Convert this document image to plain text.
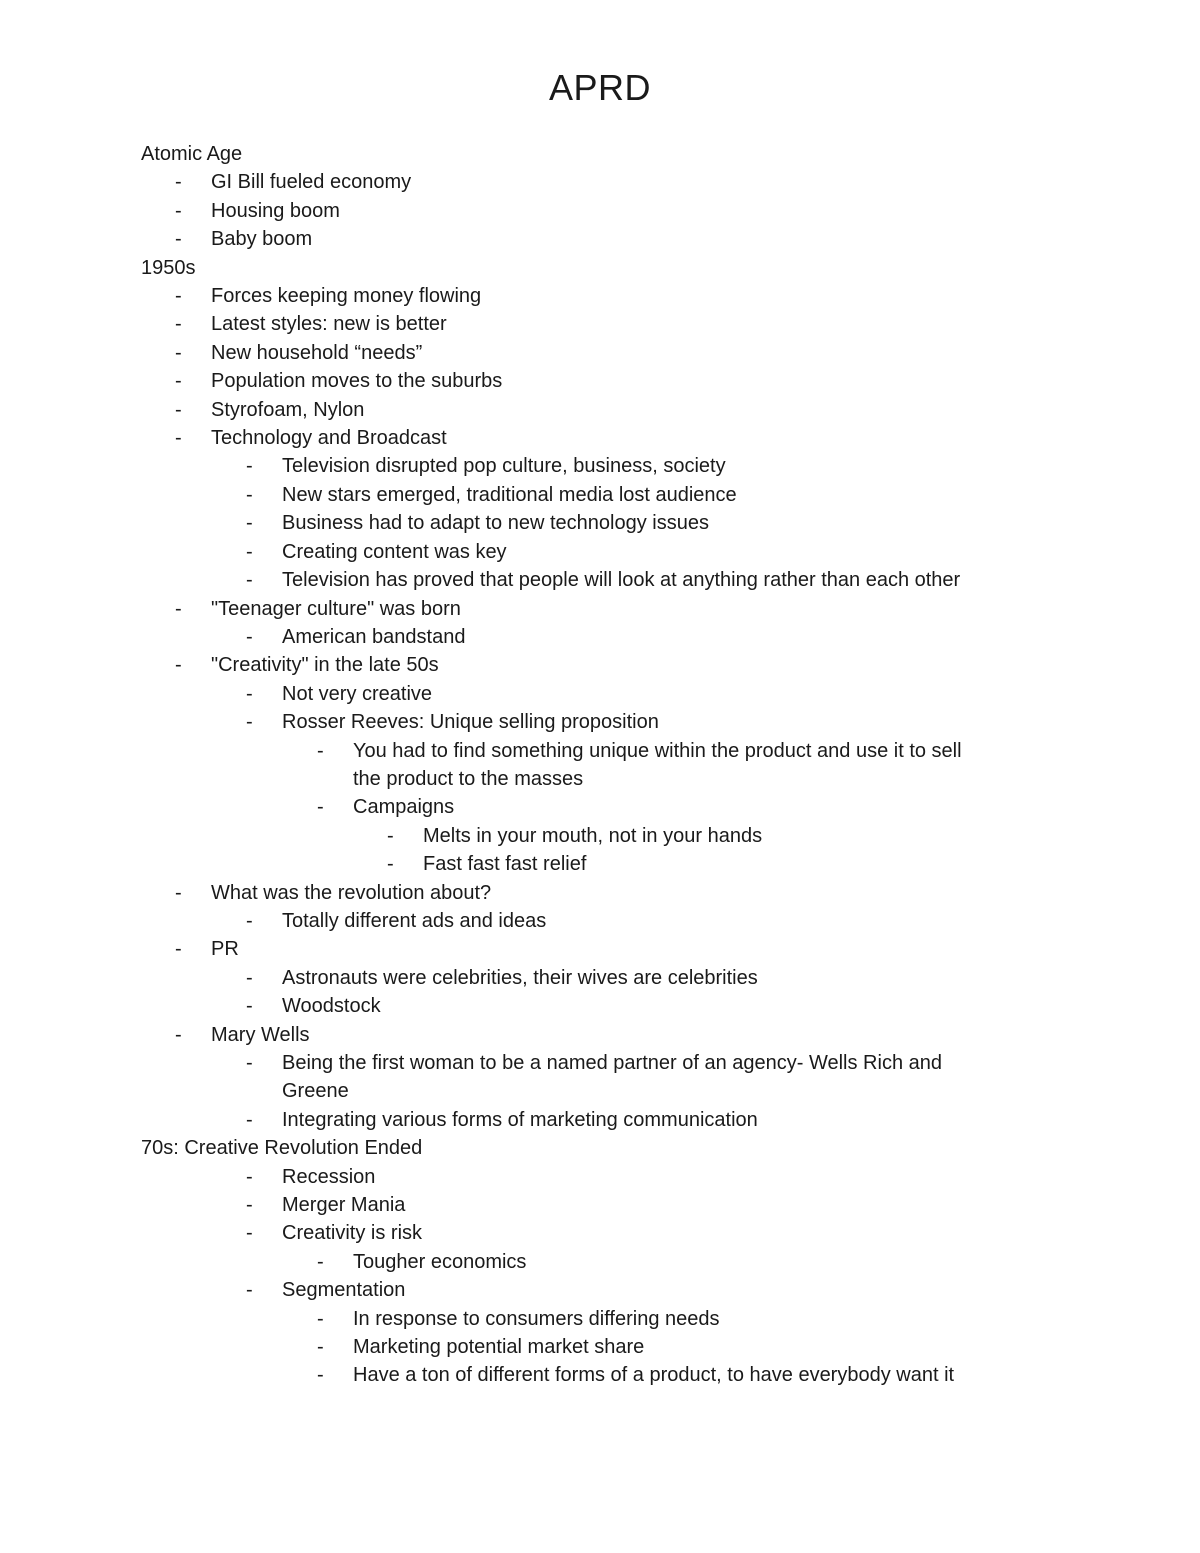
APRD
Atomic Age
-	GI Bill fueled economy
-	Housing boom
-	Baby boom
1950s
-	Forces keeping money flowing
-	Latest styles: new is better
-	New household “needs”
-	Population moves to the suburbs
-	Styrofoam, Nylon
-	Technology and Broadcast
-	Television disrupted pop culture, business, society
-	New stars emerged, traditional media lost audience
-	Business had to adapt to new technology issues
-	Creating content was key
-	Television has proved that people will look at anything rather than each other
-	"Teenager culture" was born
-	American bandstand
-	"Creativity" in the late 50s
-	Not very creative
-	Rosser Reeves: Unique selling proposition
-	You had to find something unique within the product and use it to sell the product to the masses
-	Campaigns
-	Melts in your mouth, not in your hands
-	Fast fast fast relief
-	What was the revolution about?
-	Totally different ads and ideas
-	PR
-	Astronauts were celebrities, their wives are celebrities
-	Woodstock
-	Mary Wells
-	Being the first woman to be a named partner of an agency- Wells Rich and Greene
-	Integrating various forms of marketing communication
70s: Creative Revolution Ended
-	Recession
-	Merger Mania
-	Creativity is risk
-	Tougher economics
-	Segmentation
-	In response to consumers differing needs
-	Marketing potential market share
-	Have a ton of different forms of a product, to have everybody want it
